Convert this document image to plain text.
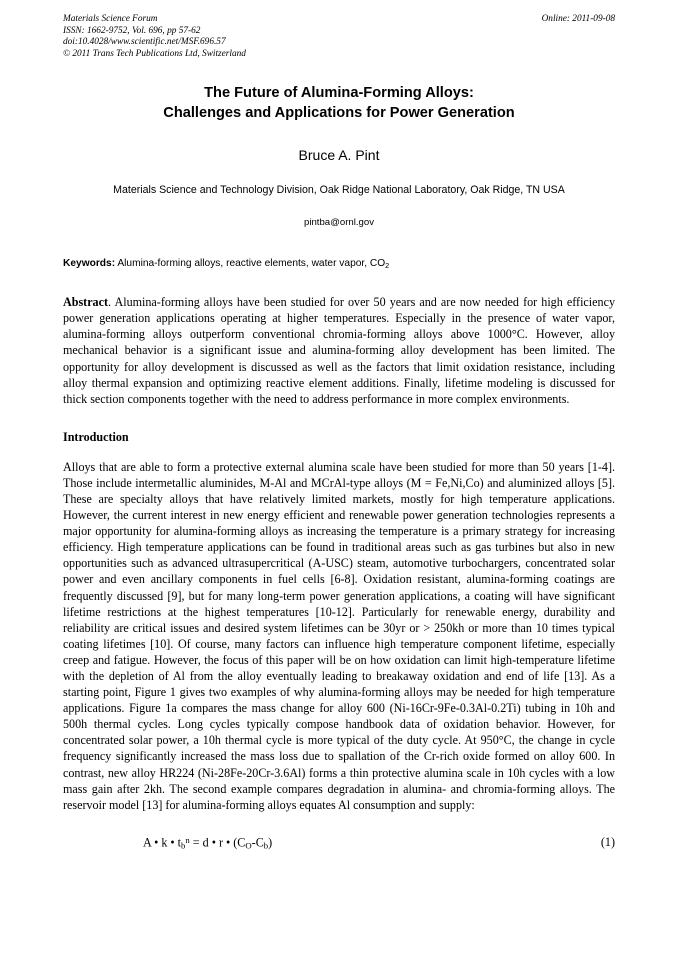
Materials Science Forum
ISSN: 1662-9752, Vol. 696, pp 57-62
doi:10.4028/www.scientific.net/MSF.696.57
© 2011 Trans Tech Publications Ltd, Switzerland
Online: 2011-09-08
The Future of Alumina-Forming Alloys:
Challenges and Applications for Power Generation
Bruce A. Pint
Materials Science and Technology Division, Oak Ridge National Laboratory, Oak Ridge, TN USA
pintba@ornl.gov
Keywords: Alumina-forming alloys, reactive elements, water vapor, $CO_2$
Abstract. Alumina-forming alloys have been studied for over 50 years and are now needed for high efficiency power generation applications operating at higher temperatures. Especially in the presence of water vapor, alumina-forming alloys outperform conventional chromia-forming alloys above 1000°C. However, alloy mechanical behavior is a significant issue and alumina-forming alloy development has been limited. The opportunity for alloy development is discussed as well as the factors that limit oxidation resistance, including alloy thermal expansion and optimizing reactive element additions. Finally, lifetime modeling is discussed for thick section components together with the need to address performance in more complex environments.
Introduction
Alloys that are able to form a protective external alumina scale have been studied for more than 50 years [1-4]. Those include intermetallic aluminides, M-Al and MCrAl-type alloys (M = Fe,Ni,Co) and aluminized alloys [5]. These are specialty alloys that have relatively limited markets, mostly for high temperature applications. However, the current interest in new energy efficient and renewable power generation technologies represents a major opportunity for alumina-forming alloys as increasing the temperature is a primary strategy for increasing efficiency. High temperature applications can be found in traditional areas such as gas turbines but also in new opportunities such as advanced ultrasupercritical (A-USC) steam, automotive turbochargers, concentrated solar power and even ancillary components in fuel cells [6-8]. Oxidation resistant, alumina-forming coatings are frequently discussed [9], but for many long-term power generation applications, a coating will have significant lifetime restrictions at the highest temperatures [10-12]. Particularly for renewable energy, durability and reliability are critical issues and desired system lifetimes can be 30yr or > 250kh or more than 10 times typical coating lifetimes [10]. Of course, many factors can influence high temperature component lifetime, especially creep and fatigue. However, the focus of this paper will be on how oxidation can limit high-temperature lifetime with the depletion of Al from the alloy eventually leading to breakaway oxidation and end of life [13]. As a starting point, Figure 1 gives two examples of why alumina-forming alloys may be needed for high temperature applications. Figure 1a compares the mass change for alloy 600 (Ni-16Cr-9Fe-0.3Al-0.2Ti) tubing in 10h and 500h thermal cycles. Long cycles typically compose handbook data of oxidation behavior. However, for concentrated solar power, a 10h thermal cycle is more typical of the duty cycle. At 950°C, the change in cycle frequency significantly increased the mass loss due to spallation of the Cr-rich oxide formed on alloy 600. In contrast, new alloy HR224 (Ni-28Fe-20Cr-3.6Al) forms a thin protective alumina scale in 10h cycles with a low mass gain after 2kh. The second example compares degradation in alumina- and chromia-forming alloys. The reservoir model [13] for alumina-forming alloys equates Al consumption and supply:
A • k • $t_b^n = d$ • r • $(C_O-C_b)$	(1)
